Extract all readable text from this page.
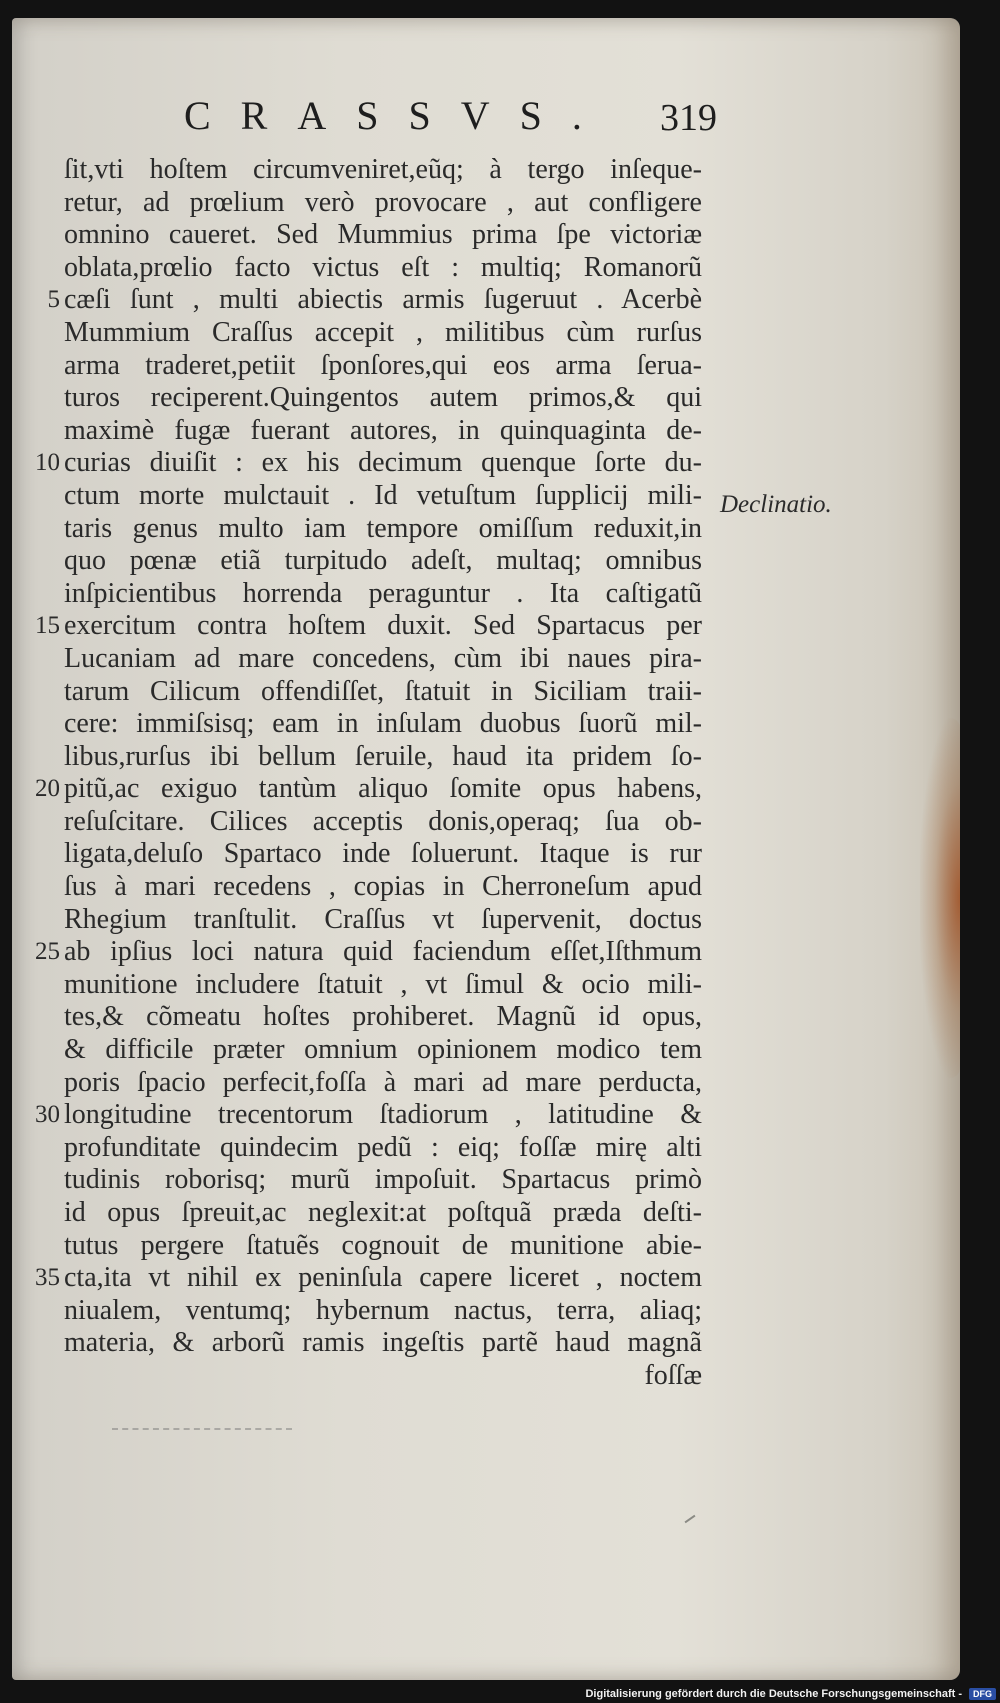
CRASSVS. 319
ſit,vti hoſtem circumveniret,eũq; à tergo inſeque-
retur, ad prœlium verò provocare , aut confligere
omnino caueret. Sed Mummius prima ſpe victoriæ
oblata,prœlio facto victus eſt : multiq; Romanorũ
5 cæſi ſunt , multi abiectis armis ſugeruut . Acerbè
Mummium Craſſus accepit , militibus cùm rurſus
arma traderet,petiit ſponſores,qui eos arma ſerua-
turos reciperent.Quingentos autem primos,& qui
maximè fugæ fuerant autores, in quinquaginta de-
10 curias diuiſit : ex his decimum quenque ſorte du-
ctum morte mulctauit . Id vetuſtum ſupplicij mili-
taris genus multo iam tempore omiſſum reduxit,in
quo pœnæ etiã turpitudo adeſt, multaq; omnibus
inſpicientibus horrenda peraguntur . Ita caſtigatũ
15 exercitum contra hoſtem duxit. Sed Spartacus per
Lucaniam ad mare concedens, cùm ibi naues pira-
tarum Cilicum offendiſſet, ſtatuit in Siciliam traii-
cere: immiſsisq; eam in inſulam duobus ſuorũ mil-
libus,rurſus ibi bellum ſeruile, haud ita pridem ſo-
20 pitũ,ac exiguo tantùm aliquo ſomite opus habens,
reſuſcitare. Cilices acceptis donis,operaq; ſua ob-
ligata,deluſo Spartaco inde ſoluerunt. Itaque is rur
ſus à mari recedens , copias in Cherroneſum apud
Rhegium tranſtulit. Craſſus vt ſupervenit, doctus
25 ab ipſius loci natura quid faciendum eſſet,Iſthmum
munitione includere ſtatuit , vt ſimul & ocio mili-
tes,& cõmeatu hoſtes prohiberet. Magnũ id opus,
& difficile præter omnium opinionem modico tem
poris ſpacio perfecit,foſſa à mari ad mare perducta,
30 longitudine trecentorum ſtadiorum , latitudine &
profunditate quindecim pedũ : eiq; foſſæ mirę alti
tudinis roborisq; murũ impoſuit. Spartacus primò
id opus ſpreuit,ac neglexit:at poſtquã præda deſti-
tutus pergere ſtatuẽs cognouit de munitione abie-
35 cta,ita vt nihil ex peninſula capere liceret , noctem
niualem, ventumq; hybernum nactus, terra, aliaq;
materia, & arborũ ramis ingeſtis partẽ haud magnã
foſſæ
Declinatio.
Digitalisierung gefördert durch die Deutsche Forschungsgemeinschaft -	DFG
